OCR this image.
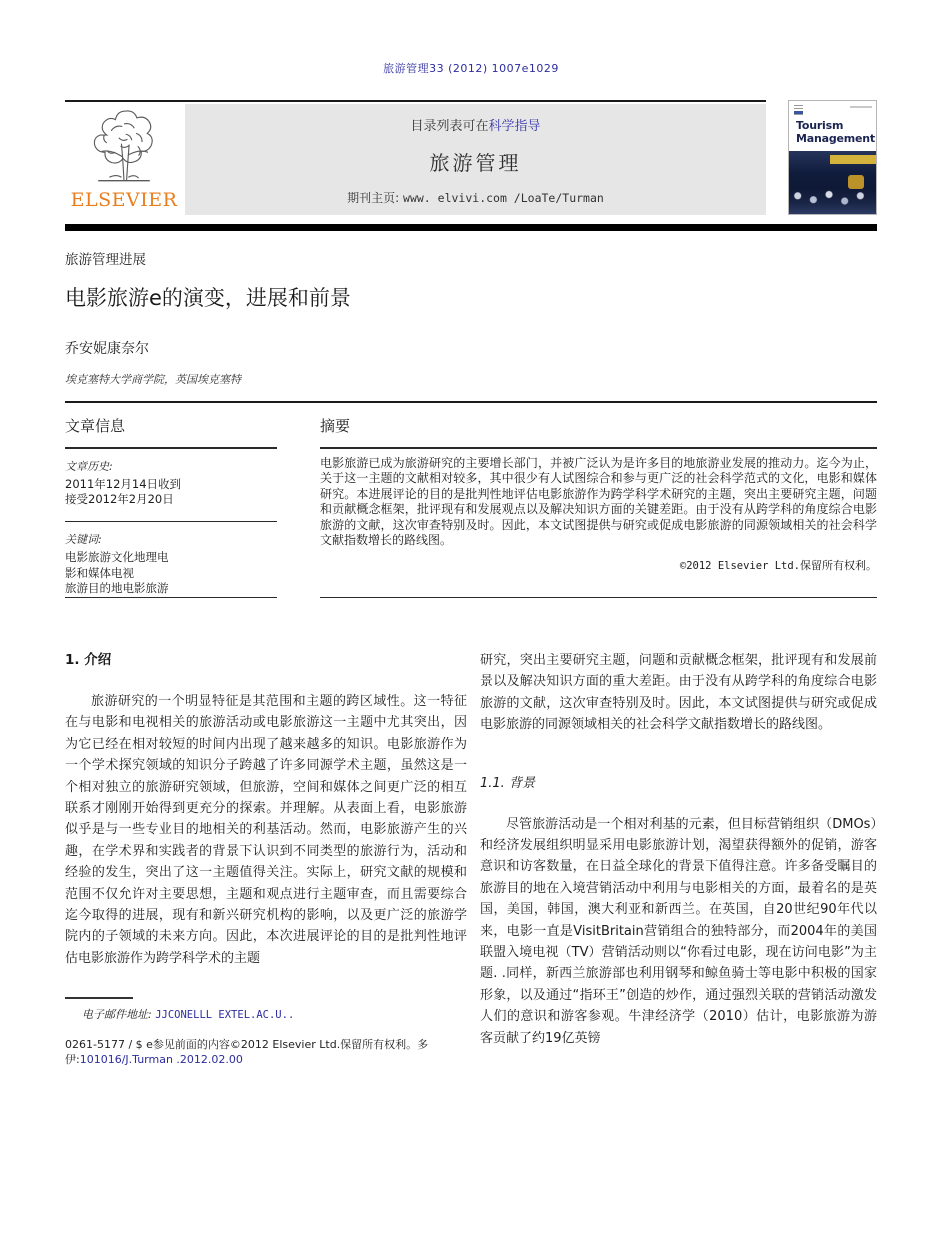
旅游管理33 (2012) 1007e1029
ELSEVIER
目录列表可在科学指导
旅游管理
期刊主页: www. elvivi.com /LoaTe/Turman
Tourism
Management
旅游管理进展
电影旅游e的演变，进展和前景
乔安妮康奈尔
埃克塞特大学商学院，英国埃克塞特
文章信息
文章历史:
2011年12月14日收到
接受2012年2月20日
关键词:
电影旅游文化地理电
影和媒体电视
旅游目的地电影旅游
摘要
电影旅游已成为旅游研究的主要增长部门，并被广泛认为是许多目的地旅游业发展的推动力。迄今为止，关于这一主题的文献相对较多，其中很少有人试图综合和参与更广泛的社会科学范式的文化，电影和媒体研究。本进展评论的目的是批判性地评估电影旅游作为跨学科学术研究的主题，突出主要研究主题，问题和贡献概念框架，批评现有和发展观点以及解决知识方面的关键差距。由于没有从跨学科的角度综合电影旅游的文献，这次审查特别及时。因此，本文试图提供与研究或促成电影旅游的同源领域相关的社会科学文献指数增长的路线图。
©2012 Elsevier Ltd.保留所有权利。
1. 介绍

旅游研究的一个明显特征是其范围和主题的跨区域性。这一特征在与电影和电视相关的旅游活动或电影旅游这一主题中尤其突出，因为它已经在相对较短的时间内出现了越来越多的知识。电影旅游作为一个学术探究领域的知识分子跨越了许多同源学术主题，虽然这是一个相对独立的旅游研究领域，但旅游，空间和媒体之间更广泛的相互联系才刚刚开始得到更充分的探索。并理解。从表面上看，电影旅游似乎是与一些专业目的地相关的利基活动。然而，电影旅游产生的兴趣，在学术界和实践者的背景下认识到不同类型的旅游行为，活动和经验的发生，突出了这一主题值得关注。实际上，研究文献的规模和范围不仅允许对主要思想，主题和观点进行主题审查，而且需要综合迄今取得的进展，现有和新兴研究机构的影响，以及更广泛的旅游学院内的子领域的未来方向。因此，本次进展评论的目的是批判性地评估电影旅游作为跨学科学术的主题

电子邮件地址: JJCONELLL EXTEL.AC.U..
0261-5177 / $ e参见前面的内容©2012 Elsevier Ltd.保留所有权利。多
伊:101016/J.Turman .2012.02.00

研究，突出主要研究主题，问题和贡献概念框架，批评现有和发展前景以及解决知识方面的重大差距。由于没有从跨学科的角度综合电影旅游的文献，这次审查特别及时。因此，本文试图提供与研究或促成电影旅游的同源领域相关的社会科学文献指数增长的路线图。

1.1. 背景

尽管旅游活动是一个相对利基的元素，但目标营销组织（DMOs）和经济发展组织明显采用电影旅游计划，渴望获得额外的促销，游客意识和访客数量，在日益全球化的背景下值得注意。许多备受瞩目的旅游目的地在入境营销活动中利用与电影相关的方面，最着名的是英国，美国，韩国，澳大利亚和新西兰。在英国，自20世纪90年代以来，电影一直是VisitBritain营销组合的独特部分，而2004年的美国联盟入境电视（TV）营销活动则以“你看过电影，现在访问电影”为主题. .同样，新西兰旅游部也利用钢琴和鲸鱼骑士等电影中积极的国家形象，以及通过“指环王”创造的炒作，通过强烈关联的营销活动激发人们的意识和游客参观。牛津经济学（2010）估计，电影旅游为游客贡献了约19亿英镑
